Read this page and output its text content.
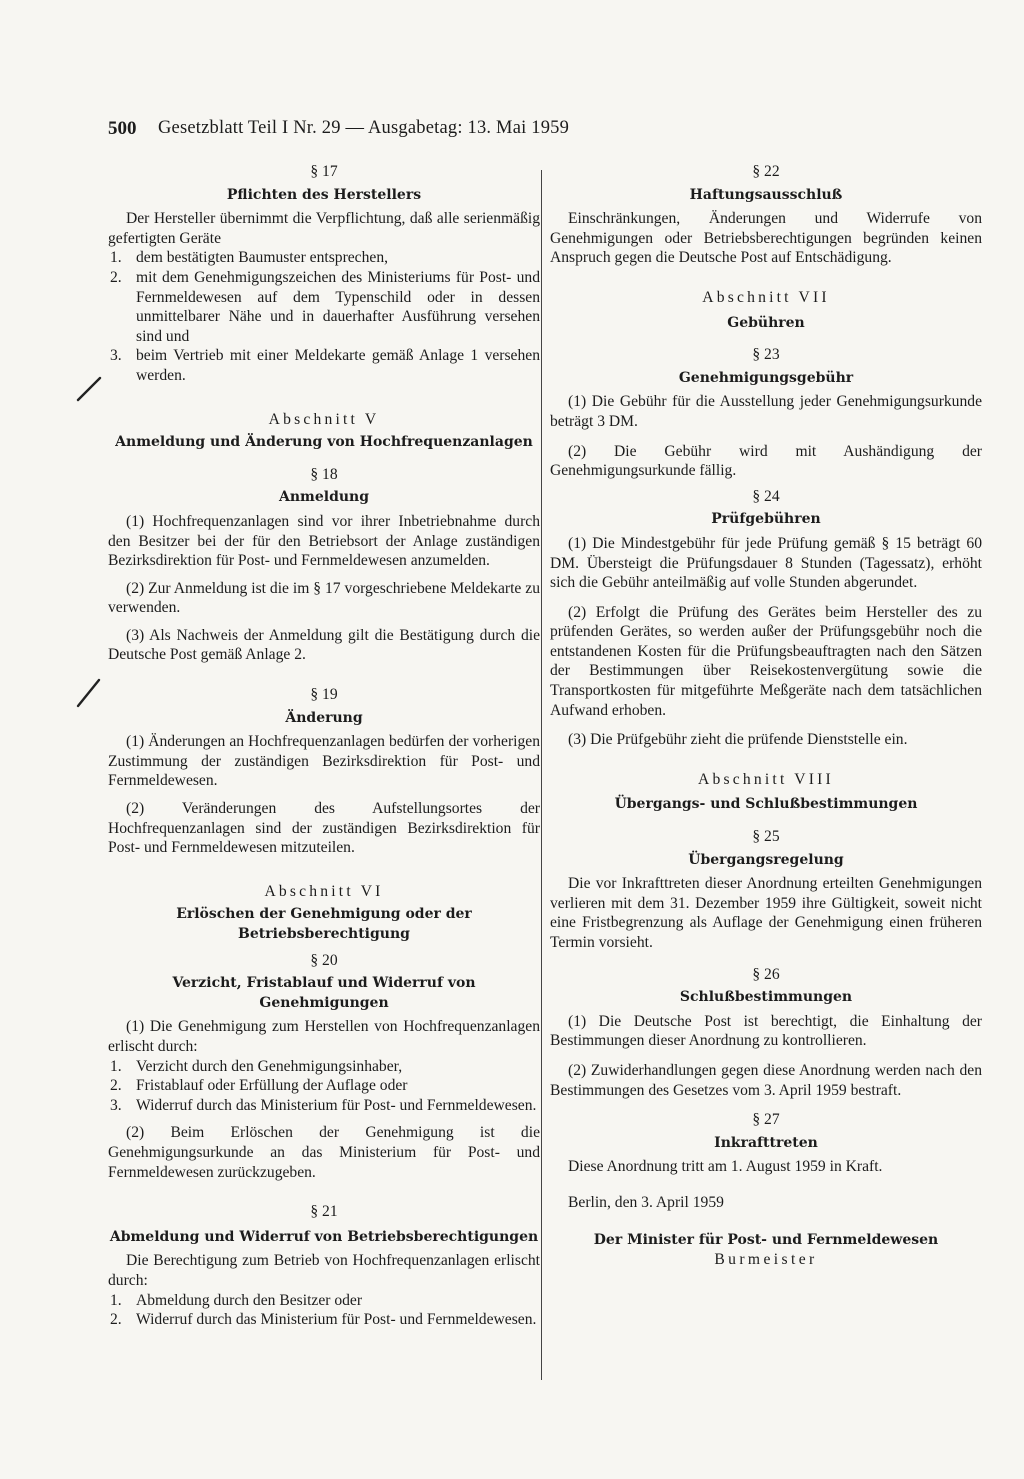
500 Gesetzblatt Teil I Nr. 29 — Ausgabetag: 13. Mai 1959
§ 17
Pflichten des Herstellers

Der Hersteller übernimmt die Verpflichtung, daß alle serienmäßig gefertigten Geräte

1. dem bestätigten Baumuster entsprechen,
2. mit dem Genehmigungszeichen des Ministeriums für Post- und Fernmeldewesen auf dem Typenschild oder in dessen unmittelbarer Nähe und in dauerhafter Ausführung versehen sind und
3. beim Vertrieb mit einer Meldekarte gemäß Anlage 1 versehen werden.
Abschnitt V
Anmeldung und Änderung von Hochfrequenzanlagen
§ 18
Anmeldung

(1) Hochfrequenzanlagen sind vor ihrer Inbetriebnahme durch den Besitzer bei der für den Betriebsort der Anlage zuständigen Bezirksdirektion für Post- und Fernmeldewesen anzumelden.

(2) Zur Anmeldung ist die im § 17 vorgeschriebene Meldekarte zu verwenden.

(3) Als Nachweis der Anmeldung gilt die Bestätigung durch die Deutsche Post gemäß Anlage 2.

§ 19
Änderung

(1) Änderungen an Hochfrequenzanlagen bedürfen der vorherigen Zustimmung der zuständigen Bezirksdirektion für Post- und Fernmeldewesen.

(2) Veränderungen des Aufstellungsortes der Hochfrequenzanlagen sind der zuständigen Bezirksdirektion für Post- und Fernmeldewesen mitzuteilen.

Abschnitt VI
Erlöschen der Genehmigung oder der Betriebsberechtigung
§ 20
Verzicht, Fristablauf und Widerruf von Genehmigungen

(1) Die Genehmigung zum Herstellen von Hochfrequenzanlagen erlischt durch:

1. Verzicht durch den Genehmigungsinhaber,
2. Fristablauf oder Erfüllung der Auflage oder
3. Widerruf durch das Ministerium für Post- und Fernmeldewesen.

(2) Beim Erlöschen der Genehmigung ist die Genehmigungsurkunde an das Ministerium für Post- und Fernmeldewesen zurückzugeben.

§ 21
Abmeldung und Widerruf von Betriebsberechtigungen

Die Berechtigung zum Betrieb von Hochfrequenzanlagen erlischt durch:

1. Abmeldung durch den Besitzer oder
2. Widerruf durch das Ministerium für Post- und Fernmeldewesen.
§ 22
Haftungsausschluß

Einschränkungen, Änderungen und Widerrufe von Genehmigungen oder Betriebsberechtigungen begründen keinen Anspruch gegen die Deutsche Post auf Entschädigung.

Abschnitt VII
Gebühren
§ 23
Genehmigungsgebühr

(1) Die Gebühr für die Ausstellung jeder Genehmigungsurkunde beträgt 3 DM.

(2) Die Gebühr wird mit Aushändigung der Genehmigungsurkunde fällig.

§ 24
Prüfgebühren

(1) Die Mindestgebühr für jede Prüfung gemäß § 15 beträgt 60 DM. Übersteigt die Prüfungsdauer 8 Stunden (Tagessatz), erhöht sich die Gebühr anteilmäßig auf volle Stunden abgerundet.

(2) Erfolgt die Prüfung des Gerätes beim Hersteller des zu prüfenden Gerätes, so werden außer der Prüfungsgebühr noch die entstandenen Kosten für die Prüfungsbeauftragten nach den Sätzen der Bestimmungen über Reisekostenvergütung sowie die Transportkosten für mitgeführte Meßgeräte nach dem tatsächlichen Aufwand erhoben.

(3) Die Prüfgebühr zieht die prüfende Dienststelle ein.

Abschnitt VIII
Übergangs- und Schlußbestimmungen
§ 25
Übergangsregelung

Die vor Inkrafttreten dieser Anordnung erteilten Genehmigungen verlieren mit dem 31. Dezember 1959 ihre Gültigkeit, soweit nicht eine Fristbegrenzung als Auflage der Genehmigung einen früheren Termin vorsieht.

§ 26
Schlußbestimmungen

(1) Die Deutsche Post ist berechtigt, die Einhaltung der Bestimmungen dieser Anordnung zu kontrollieren.

(2) Zuwiderhandlungen gegen diese Anordnung werden nach den Bestimmungen des Gesetzes vom 3. April 1959 bestraft.

§ 27
Inkrafttreten

Diese Anordnung tritt am 1. August 1959 in Kraft.

Berlin, den 3. April 1959

Der Minister für Post- und Fernmeldewesen
Burmeister
